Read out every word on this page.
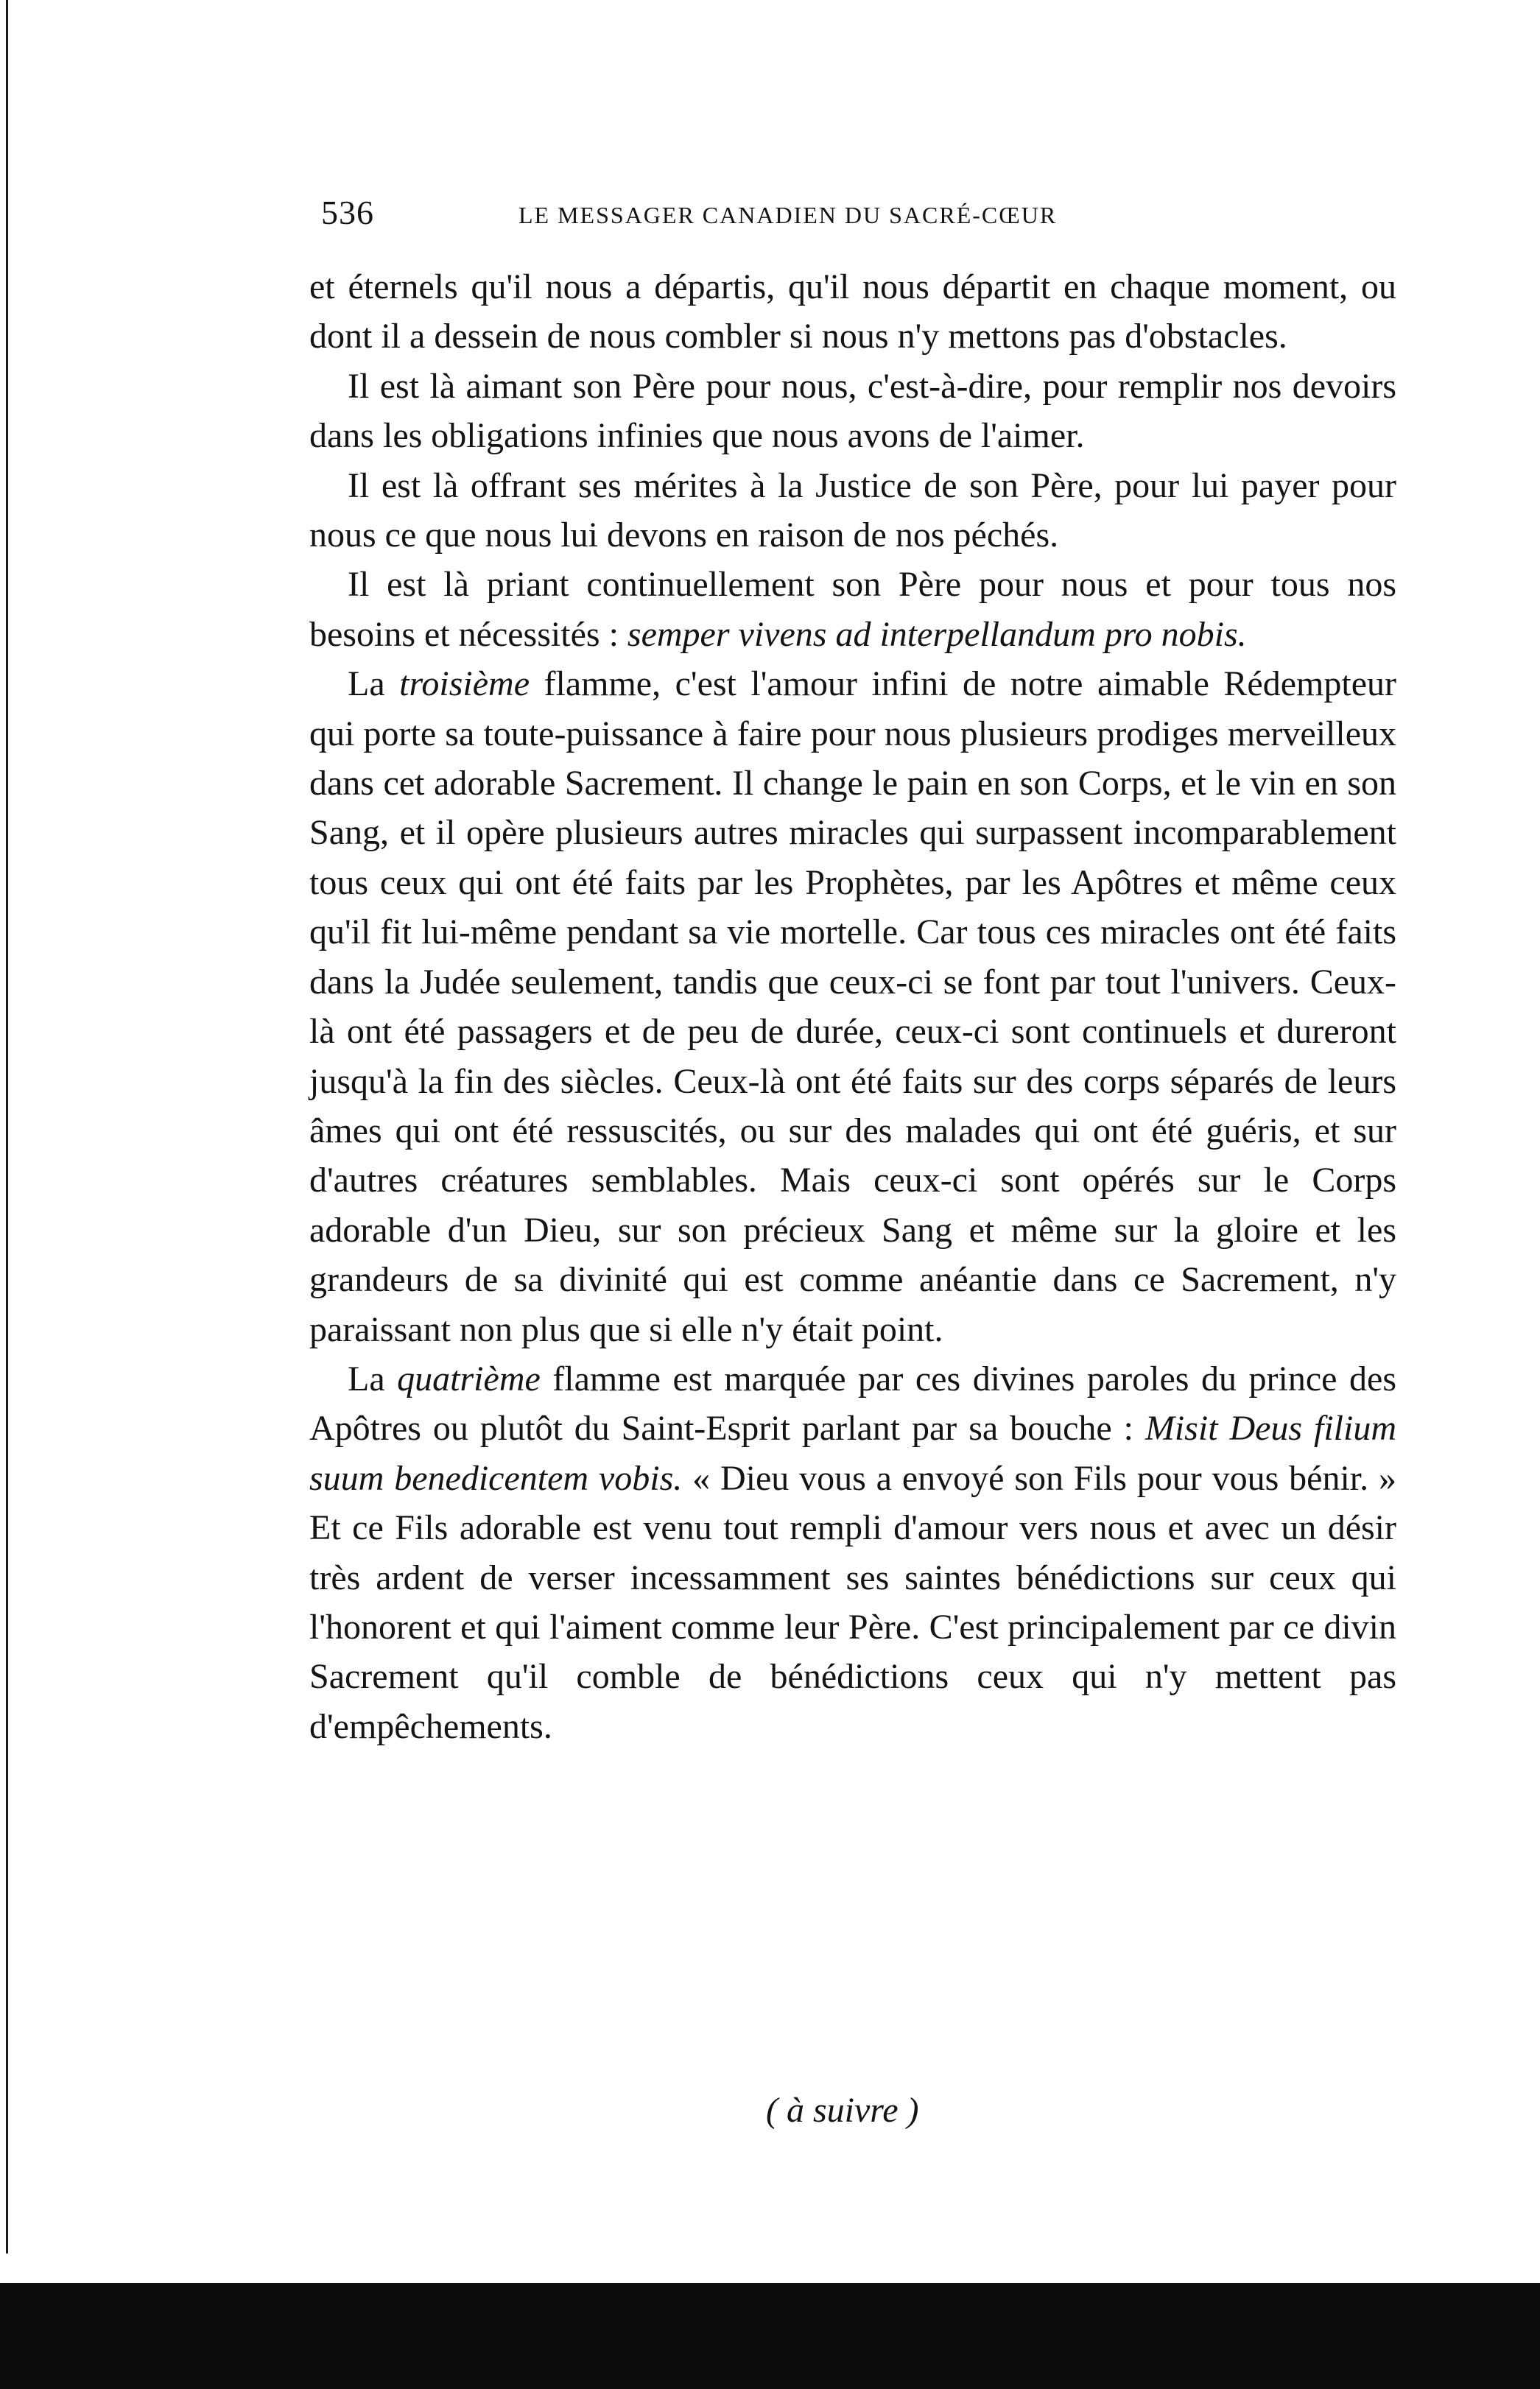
536	LE MESSAGER CANADIEN DU SACRÉ-CŒUR

et éternels qu'il nous a départis, qu'il nous départit en chaque moment, ou dont il a dessein de nous combler si nous n'y mettons pas d'obstacles.

Il est là aimant son Père pour nous, c'est-à-dire, pour remplir nos devoirs dans les obligations infinies que nous avons de l'aimer.

Il est là offrant ses mérites à la Justice de son Père, pour lui payer pour nous ce que nous lui devons en raison de nos péchés.

Il est là priant continuellement son Père pour nous et pour tous nos besoins et nécessités : semper vivens ad interpellandum pro nobis.

La troisième flamme, c'est l'amour infini de notre aimable Rédempteur qui porte sa toute-puissance à faire pour nous plusieurs prodiges merveilleux dans cet adorable Sacrement. Il change le pain en son Corps, et le vin en son Sang, et il opère plusieurs autres miracles qui surpassent incomparablement tous ceux qui ont été faits par les Prophètes, par les Apôtres et même ceux qu'il fit lui-même pendant sa vie mortelle. Car tous ces miracles ont été faits dans la Judée seulement, tandis que ceux-ci se font par tout l'univers. Ceux-là ont été passagers et de peu de durée, ceux-ci sont continuels et dureront jusqu'à la fin des siècles. Ceux-là ont été faits sur des corps séparés de leurs âmes qui ont été ressuscités, ou sur des malades qui ont été guéris, et sur d'autres créatures semblables. Mais ceux-ci sont opérés sur le Corps adorable d'un Dieu, sur son précieux Sang et même sur la gloire et les grandeurs de sa divinité qui est comme anéantie dans ce Sacrement, n'y paraissant non plus que si elle n'y était point.

La quatrième flamme est marquée par ces divines paroles du prince des Apôtres ou plutôt du Saint-Esprit parlant par sa bouche : Misit Deus filium suum benedicentem vobis. « Dieu vous a envoyé son Fils pour vous bénir. » Et ce Fils adorable est venu tout rempli d'amour vers nous et avec un désir très ardent de verser incessamment ses saintes bénédictions sur ceux qui l'honorent et qui l'aiment comme leur Père. C'est principalement par ce divin Sacrement qu'il comble de bénédictions ceux qui n'y mettent pas d'empêchements.

( à suivre )
